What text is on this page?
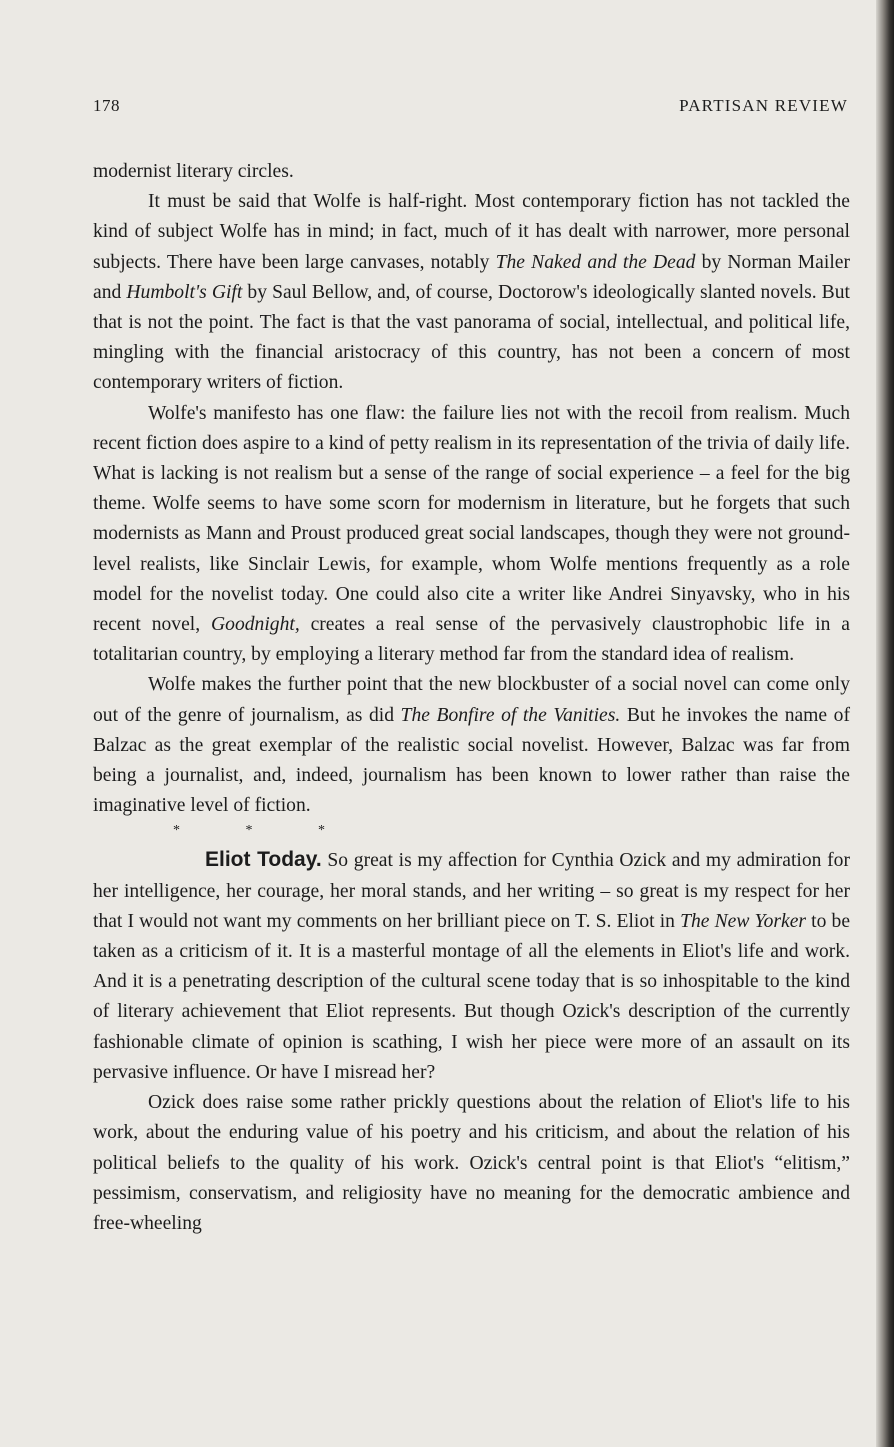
178	PARTISAN REVIEW

modernist literary circles.

It must be said that Wolfe is half-right. Most contemporary fiction has not tackled the kind of subject Wolfe has in mind; in fact, much of it has dealt with narrower, more personal subjects. There have been large canvases, notably The Naked and the Dead by Norman Mailer and Humbolt's Gift by Saul Bellow, and, of course, Doctorow's ideologically slanted novels. But that is not the point. The fact is that the vast panorama of social, intellectual, and political life, mingling with the financial aristocracy of this country, has not been a concern of most contemporary writers of fiction.

Wolfe's manifesto has one flaw: the failure lies not with the recoil from realism. Much recent fiction does aspire to a kind of petty realism in its representation of the trivia of daily life. What is lacking is not realism but a sense of the range of social experience – a feel for the big theme. Wolfe seems to have some scorn for modernism in literature, but he forgets that such modernists as Mann and Proust produced great social landscapes, though they were not ground-level realists, like Sinclair Lewis, for example, whom Wolfe mentions frequently as a role model for the novelist today. One could also cite a writer like Andrei Sinyavsky, who in his recent novel, Goodnight, creates a real sense of the pervasively claustrophobic life in a totalitarian country, by employing a literary method far from the standard idea of realism.

Wolfe makes the further point that the new blockbuster of a social novel can come only out of the genre of journalism, as did The Bonfire of the Vanities. But he invokes the name of Balzac as the great exemplar of the realistic social novelist. However, Balzac was far from being a journalist, and, indeed, journalism has been known to lower rather than raise the imaginative level of fiction.

* * *

Eliot Today. So great is my affection for Cynthia Ozick and my admiration for her intelligence, her courage, her moral stands, and her writing – so great is my respect for her that I would not want my comments on her brilliant piece on T. S. Eliot in The New Yorker to be taken as a criticism of it. It is a masterful montage of all the elements in Eliot's life and work. And it is a penetrating description of the cultural scene today that is so inhospitable to the kind of literary achievement that Eliot represents. But though Ozick's description of the currently fashionable climate of opinion is scathing, I wish her piece were more of an assault on its pervasive influence. Or have I misread her?

Ozick does raise some rather prickly questions about the relation of Eliot's life to his work, about the enduring value of his poetry and his criticism, and about the relation of his political beliefs to the quality of his work. Ozick's central point is that Eliot's “elitism,” pessimism, conservatism, and religiosity have no meaning for the democratic ambience and free-wheeling
